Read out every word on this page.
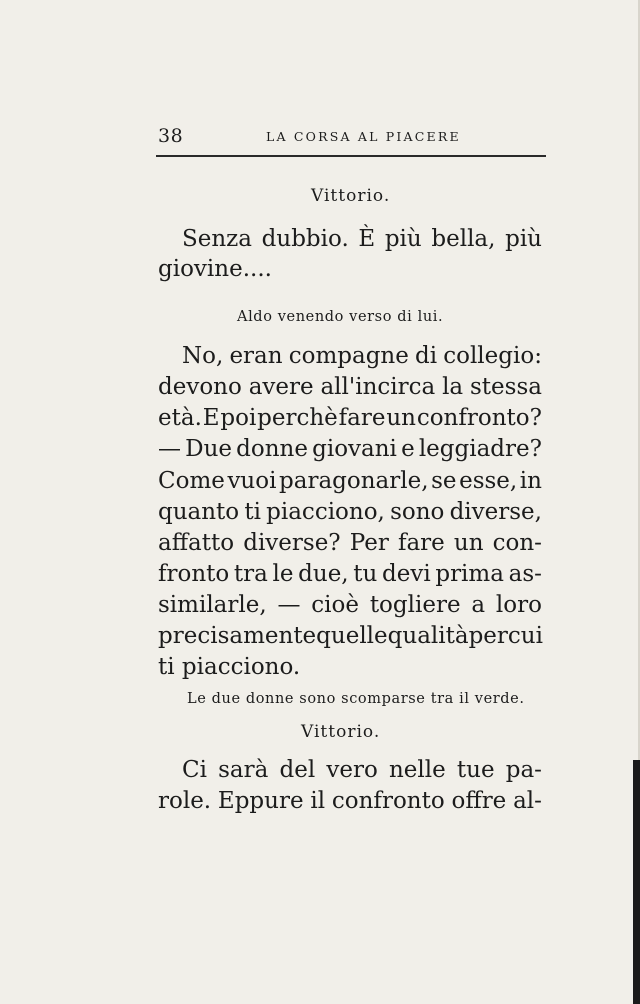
38	LA CORSA AL PIACERE
Vittorio.
Senza dubbio. È più bella, più
giovine....
Aldo venendo verso di lui.
No, eran compagne di collegio:
devono avere all'incirca la stessa
età. E poi perchè fare un confronto?
— Due donne giovani e leggiadre?
Come vuoi paragonarle, se esse, in
quanto ti piacciono, sono diverse,
affatto diverse? Per fare un con-
fronto tra le due, tu devi prima as-
similarle, — cioè togliere a loro
precisamente quelle qualità per cui
ti piacciono.
Le due donne sono scomparse tra il verde.
Vittorio.
Ci sarà del vero nelle tue pa-
role. Eppure il confronto offre al-
